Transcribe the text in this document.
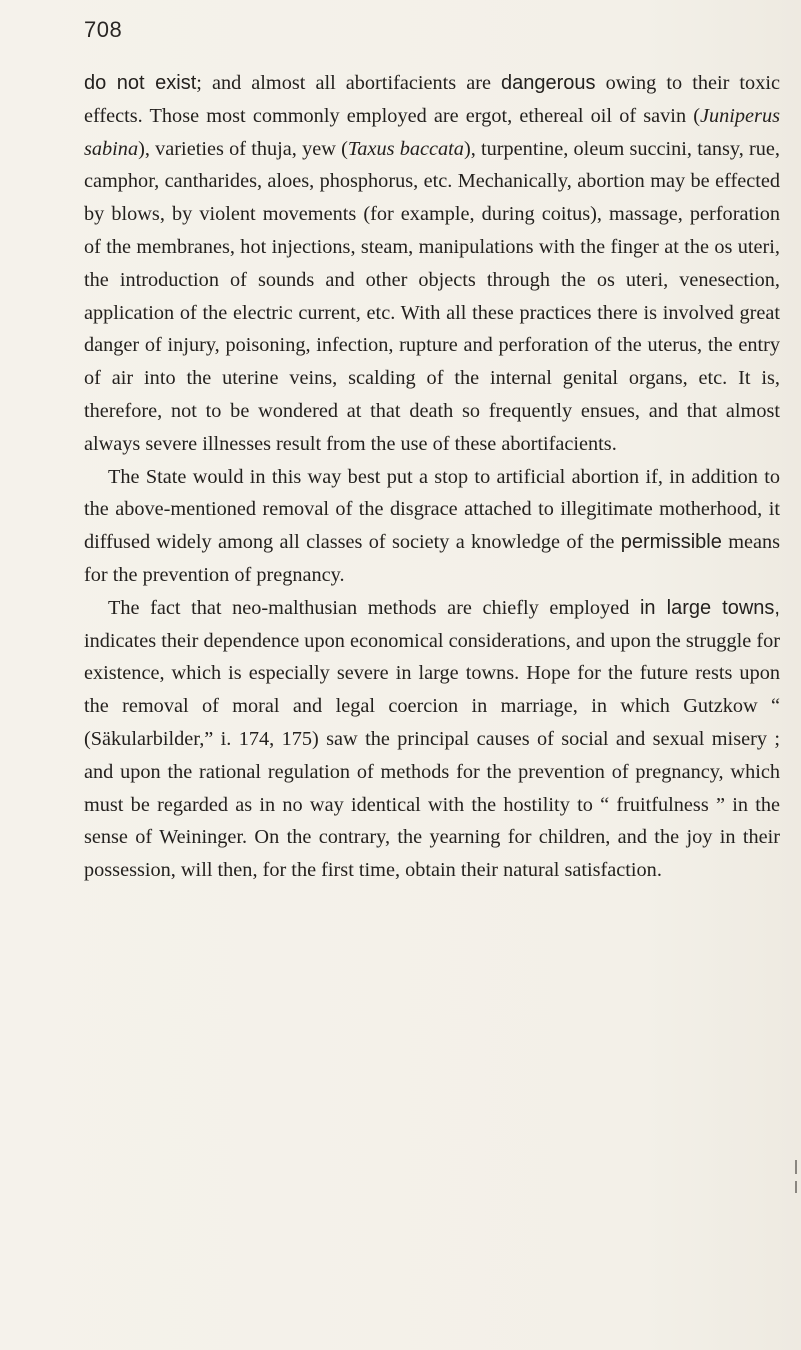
708

do not exist; and almost all abortifacients are dangerous owing to their toxic effects. Those most commonly employed are ergot, ethereal oil of savin (Juniperus sabina), varieties of thuja, yew (Taxus baccata), turpentine, oleum succini, tansy, rue, camphor, cantharides, aloes, phosphorus, etc. Mechanically, abortion may be effected by blows, by violent movements (for example, during coitus), massage, perforation of the membranes, hot injections, steam, manipulations with the finger at the os uteri, the introduction of sounds and other objects through the os uteri, venesection, application of the electric current, etc. With all these practices there is involved great danger of injury, poisoning, infection, rupture and perforation of the uterus, the entry of air into the uterine veins, scalding of the internal genital organs, etc. It is, therefore, not to be wondered at that death so frequently ensues, and that almost always severe illnesses result from the use of these abortifacients.

The State would in this way best put a stop to artificial abortion if, in addition to the above-mentioned removal of the disgrace attached to illegitimate motherhood, it diffused widely among all classes of society a knowledge of the permissible means for the prevention of pregnancy.

The fact that neo-malthusian methods are chiefly employed in large towns, indicates their dependence upon economical considerations, and upon the struggle for existence, which is especially severe in large towns. Hope for the future rests upon the removal of moral and legal coercion in marriage, in which Gutzkow “ (Säkularbilder,” i. 174, 175) saw the principal causes of social and sexual misery ; and upon the rational regulation of methods for the prevention of pregnancy, which must be regarded as in no way identical with the hostility to “ fruitfulness ” in the sense of Weininger. On the contrary, the yearning for children, and the joy in their possession, will then, for the first time, obtain their natural satisfaction.
